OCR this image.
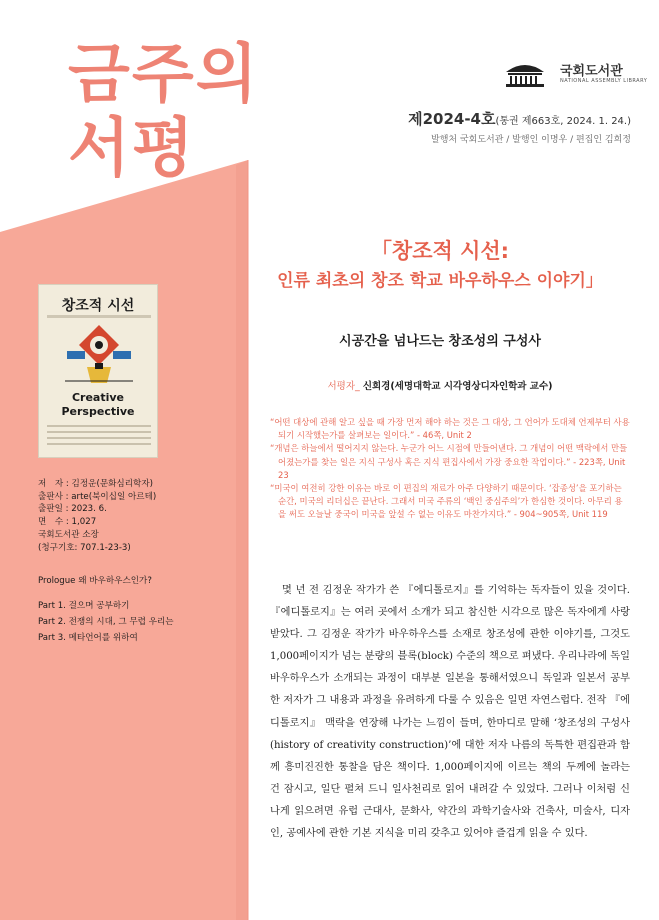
금주의
서평
국회도서관
NATIONAL ASSEMBLY LIBRARY
제2024-4호(통권 제663호, 2024. 1. 24.)
발행처 국회도서관 / 발행인 이명우 / 편집인 김희정
창조적 시선
Creative
Perspective
저　자 : 김정운(문화심리학자)
출판사 : arte(북이십일 아르테)
출판일 : 2023. 6.
면　수 : 1,027
국회도서관 소장
(청구기호: 707.1-23-3)
Prologue 왜 바우하우스인가?
Part 1. 걸으며 공부하기
Part 2. 전쟁의 시대, 그 무렵 우리는
Part 3. 메타언어를 위하여
「창조적 시선:
인류 최초의 창조 학교 바우하우스 이야기」
시공간을 넘나드는 창조성의 구성사
서평자_ 신희경(세명대학교 시각영상디자인학과 교수)
“어떤 대상에 관해 알고 싶을 때 가장 먼저 해야 하는 것은 그 대상, 그 언어가 도대체 언제부터 사용되기 시작했는가를 살펴보는 일이다.” - 46쪽, Unit 2
“개념은 하늘에서 떨어지지 않는다. 누군가 어느 시점에 만들어낸다. 그 개념이 어떤 맥락에서 만들어졌는가를 찾는 일은 지식 구성사 혹은 지식 편집사에서 가장 중요한 작업이다.” - 223쪽, Unit 23
“미국이 여전히 강한 이유는 바로 이 편집의 재료가 아주 다양하기 때문이다. ‘잡종성’을 포기하는 순간, 미국의 리더십은 끝난다. 그래서 미국 주류의 ‘백인 중심주의’가 한심한 것이다. 아무리 용을 써도 오늘날 중국이 미국을 앞설 수 없는 이유도 마찬가지다.” - 904~905쪽, Unit 119
몇 년 전 김정운 작가가 쓴 『에디톨로지』를 기억하는 독자들이 있을 것이다. 『에디톨로지』는 여러 곳에서 소개가 되고 참신한 시각으로 많은 독자에게 사랑받았다. 그 김정운 작가가 바우하우스를 소재로 창조성에 관한 이야기를, 그것도 1,000페이지가 넘는 분량의 블록(block) 수준의 책으로 펴냈다. 우리나라에 독일 바우하우스가 소개되는 과정이 대부분 일본을 통해서였으니 독일과 일본서 공부한 저자가 그 내용과 과정을 유려하게 다룰 수 있음은 일면 자연스럽다. 전작 『에디톨로지』 맥락을 연장해 나가는 느낌이 들며, 한마디로 말해 ‘창조성의 구성사(history of creativity construction)’에 대한 저자 나름의 독특한 편집관과 함께 흥미진진한 통찰을 담은 책이다. 1,000페이지에 이르는 책의 두께에 놀라는 건 잠시고, 일단 펼쳐 드니 일사천리로 읽어 내려갈 수 있었다. 그러나 이처럼 신나게 읽으려면 유럽 근대사, 문화사, 약간의 과학기술사와 건축사, 미술사, 디자인, 공예사에 관한 기본 지식을 미리 갖추고 있어야 즐겁게 읽을 수 있다.
